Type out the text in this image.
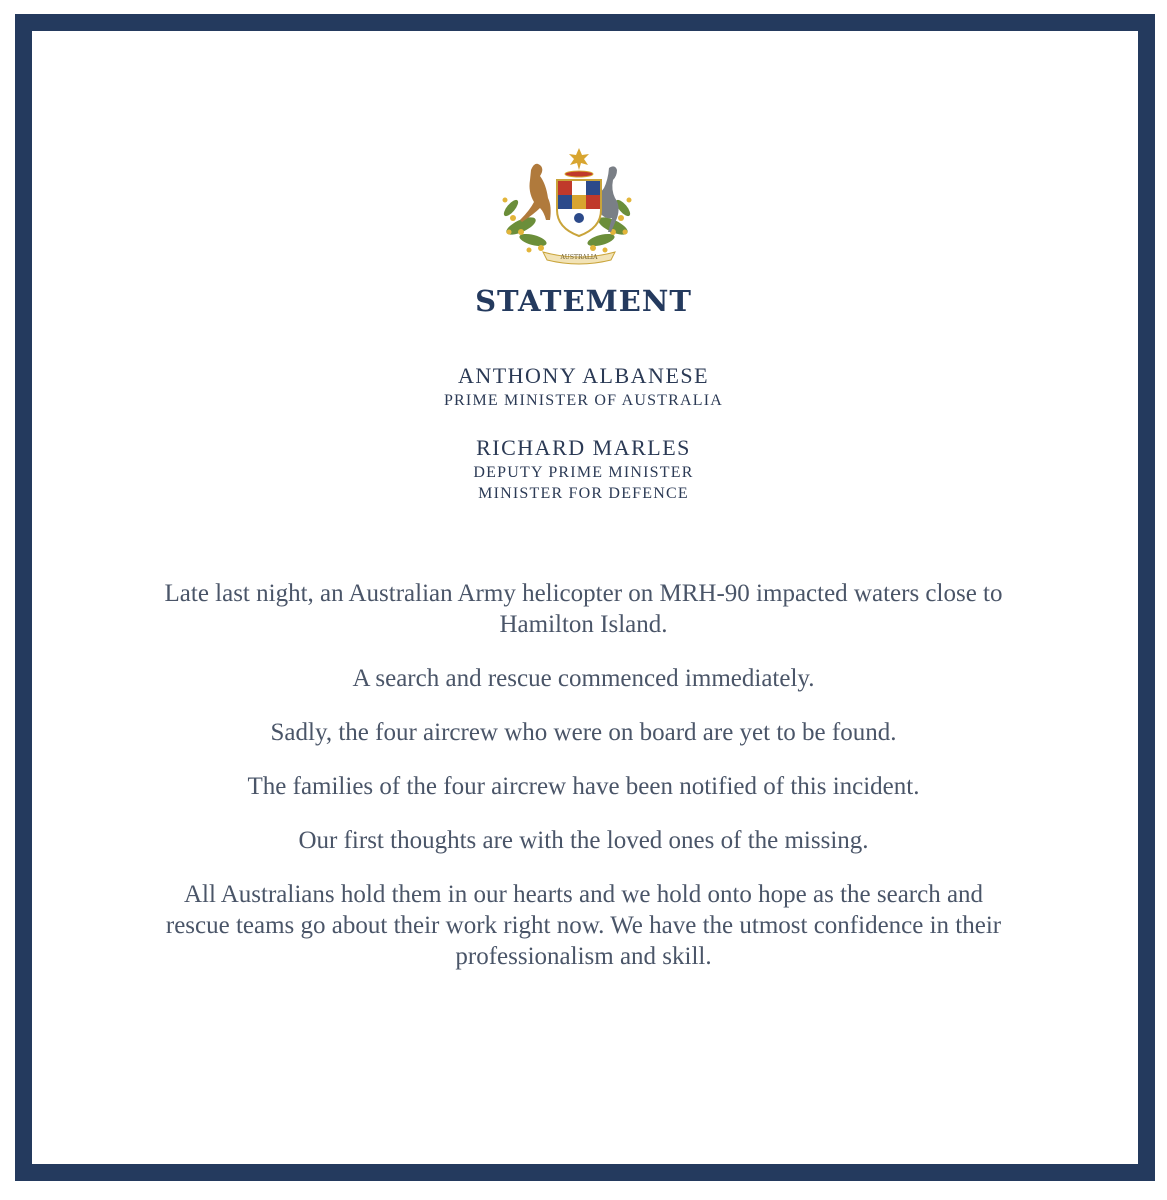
AUSTRALIA
STATEMENT
ANTHONY ALBANESE
PRIME MINISTER OF AUSTRALIA
RICHARD MARLES
DEPUTY PRIME MINISTER
MINISTER FOR DEFENCE

Late last night, an Australian Army helicopter on MRH-90 impacted waters close to Hamilton Island.

A search and rescue commenced immediately.

Sadly, the four aircrew who were on board are yet to be found.

The families of the four aircrew have been notified of this incident.

Our first thoughts are with the loved ones of the missing.

All Australians hold them in our hearts and we hold onto hope as the search and rescue teams go about their work right now. We have the utmost confidence in their professionalism and skill.
